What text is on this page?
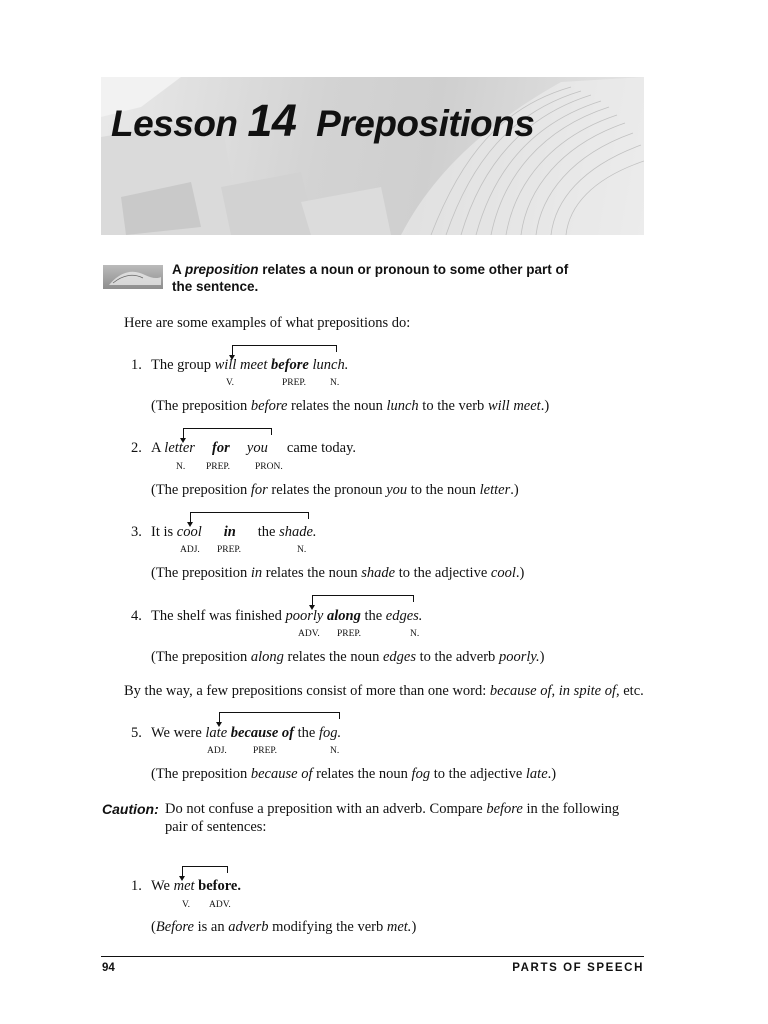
Lesson 14 Prepositions
A preposition relates a noun or pronoun to some other part of the sentence.
Here are some examples of what prepositions do:
1. The group will meet before lunch.
V.	PREP.	N.
(The preposition before relates the noun lunch to the verb will meet.)
2. A letter for you came today.
N. PREP.	PRON.
(The preposition for relates the pronoun you to the noun letter.)
3. It is cool in the shade.
ADJ. PREP.	N.
(The preposition in relates the noun shade to the adjective cool.)
4. The shelf was finished poorly along the edges.
ADV. PREP.	N.
(The preposition along relates the noun edges to the adverb poorly.)
By the way, a few prepositions consist of more than one word: because of, in spite of, etc.
5. We were late because of the fog.
ADJ.	PREP.	N.
(The preposition because of relates the noun fog to the adjective late.)
Caution: Do not confuse a preposition with an adverb. Compare before in the following
pair of sentences:
1. We met before.
V. ADV.
(Before is an adverb modifying the verb met.)
94	PARTS OF SPEECH
